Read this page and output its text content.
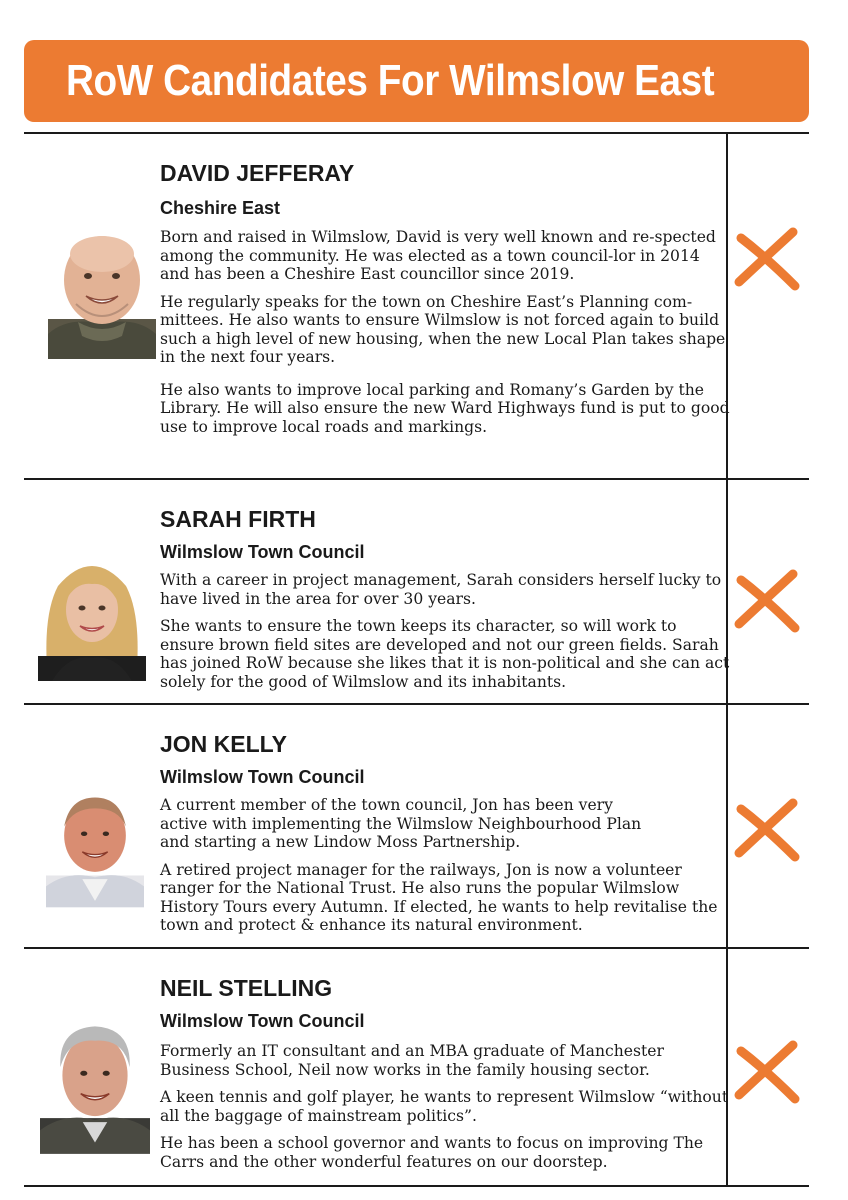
RoW Candidates For Wilmslow East
DAVID JEFFERAY
Cheshire East

Born and raised in Wilmslow, David is very well known and re-spected among the community. He was elected as a town council-lor in 2014 and has been a Cheshire East councillor since 2019.

He regularly speaks for the town on Cheshire East’s Planning com-mittees. He also wants to ensure Wilmslow is not forced again to build such a high level of new housing, when the new Local Plan takes shape in the next four years.

He also wants to improve local parking and Romany’s Garden by the Library. He will also ensure the new Ward Highways fund is put to good use to improve local roads and markings.

SARAH FIRTH
Wilmslow Town Council

With a career in project management, Sarah considers herself lucky to have lived in the area for over 30 years.

She wants to ensure the town keeps its character, so will work to ensure brown field sites are developed and not our green fields. Sarah has joined RoW because she likes that it is non-political and she can act solely for the good of Wilmslow and its inhabitants.

JON KELLY
Wilmslow Town Council

A current member of the town council, Jon has been very active with implementing the Wilmslow Neighbourhood Plan and starting a new Lindow Moss Partnership.

A retired project manager for the railways, Jon is now a volunteer ranger for the National Trust. He also runs the popular Wilmslow History Tours every Autumn. If elected, he wants to help revitalise the town and protect & enhance its natural environment.

NEIL STELLING
Wilmslow Town Council

Formerly an IT consultant and an MBA graduate of Manchester Business School, Neil now works in the family housing sector.

A keen tennis and golf player, he wants to represent Wilmslow “without all the baggage of mainstream politics”.

He has been a school governor and wants to focus on improving The Carrs and the other wonderful features on our doorstep.
